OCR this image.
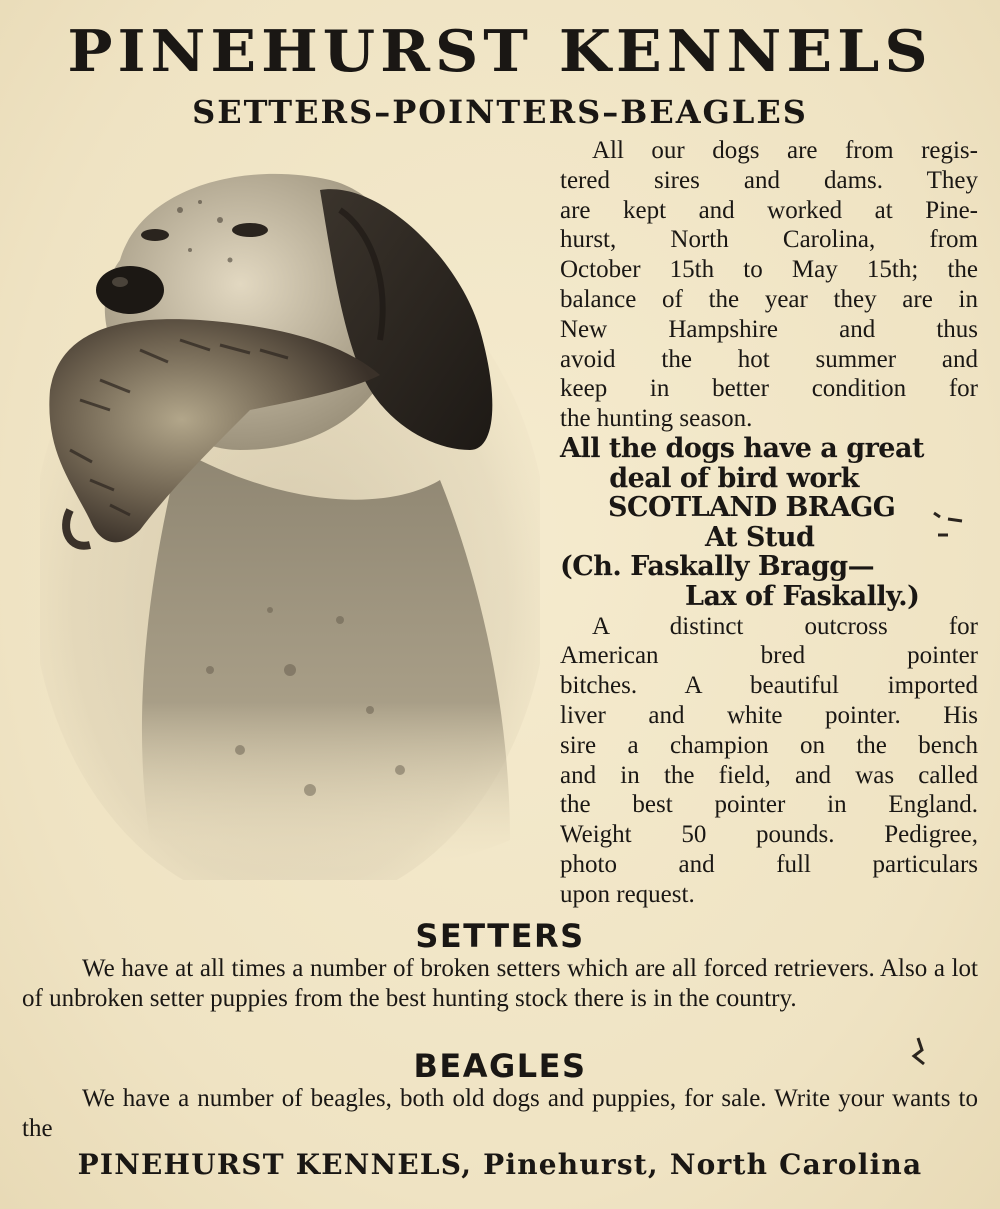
PINEHURST KENNELS
SETTERS–POINTERS–BEAGLES

All our dogs are from regis-

tered sires and dams. They

are kept and worked at Pine-

hurst, North Carolina, from

October 15th to May 15th; the

balance of the year they are in

New Hampshire and thus

avoid the hot summer and

keep in better condition for

the hunting season.

All the dogs have a great

deal of bird work

SCOTLAND BRAGG

At Stud

(Ch. Faskally Bragg—

Lax of Faskally.)

A distinct outcross for

American bred pointer

bitches. A beautiful imported

liver and white pointer. His

sire a champion on the bench

and in the field, and was called

the best pointer in England.

Weight 50 pounds. Pedigree,

photo and full particulars

upon request.

SETTERS

We have at all times a number of broken setters which are all forced retrievers. Also a lot of unbroken setter puppies from the best hunting stock there is in the country.

BEAGLES

We have a number of beagles, both old dogs and puppies, for sale. Write your wants to the

PINEHURST KENNELS, Pinehurst, North Carolina
